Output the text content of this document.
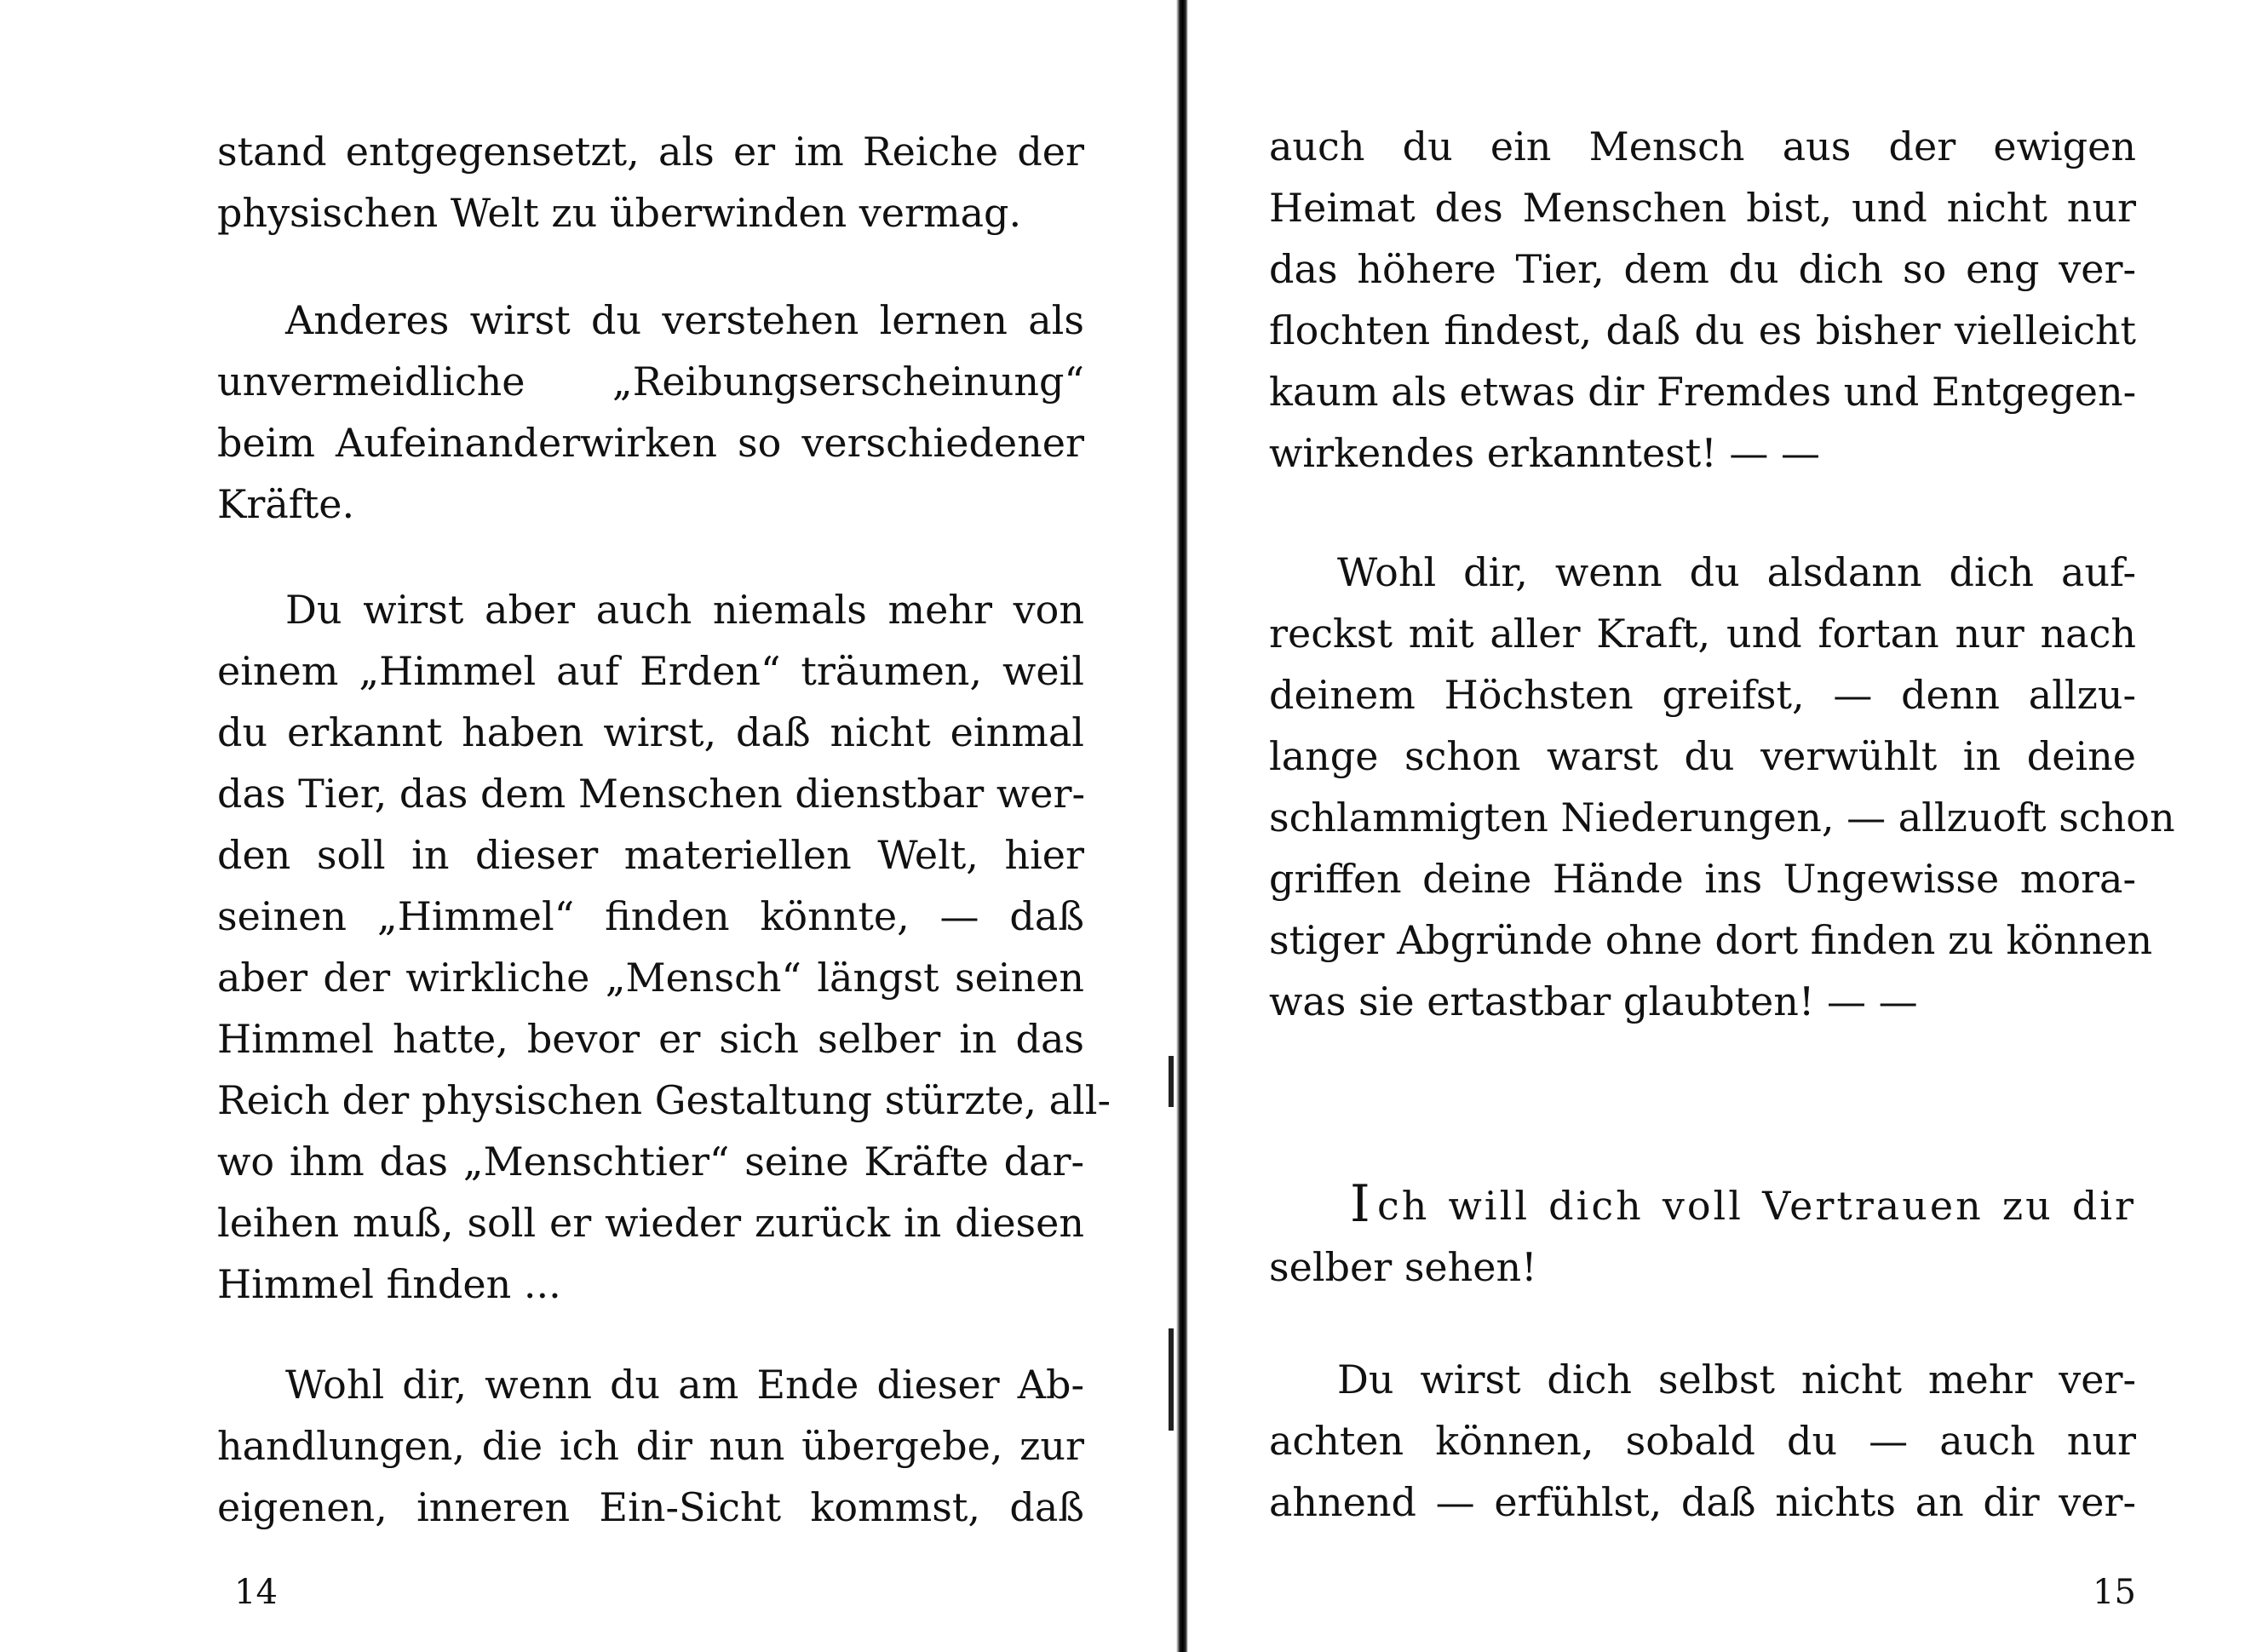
stand entgegensetzt, als er im Reiche der
physischen Welt zu überwinden vermag.
Anderes wirst du verstehen lernen als
unvermeidliche „Reibungserscheinung“
beim Aufeinanderwirken so verschiedener
Kräfte.
Du wirst aber auch niemals mehr von
einem „Himmel auf Erden“ träumen, weil
du erkannt haben wirst, daß nicht einmal
das Tier, das dem Menschen dienstbar wer-
den soll in dieser materiellen Welt, hier
seinen „Himmel“ finden könnte, — daß
aber der wirkliche „Mensch“ längst seinen
Himmel hatte, bevor er sich selber in das
Reich der physischen Gestaltung stürzte, all-
wo ihm das „Menschtier“ seine Kräfte dar-
leihen muß, soll er wieder zurück in diesen
Himmel finden ...
Wohl dir, wenn du am Ende dieser Ab-
handlungen, die ich dir nun übergebe, zur
eigenen, inneren Ein-Sicht kommst, daß
14
auch du ein Mensch aus der ewigen
Heimat des Menschen bist, und nicht nur
das höhere Tier, dem du dich so eng ver-
flochten findest, daß du es bisher vielleicht
kaum als etwas dir Fremdes und Entgegen-
wirkendes erkanntest! — —
Wohl dir, wenn du alsdann dich auf-
reckst mit aller Kraft, und fortan nur nach
deinem Höchsten greifst, — denn allzu-
lange schon warst du verwühlt in deine
schlammigten Niederungen, — allzuoft schon
griffen deine Hände ins Ungewisse mora-
stiger Abgründe ohne dort finden zu können
was sie ertastbar glaubten! — —
I ch will dich voll Vertrauen zu dir
selber sehen!
Du wirst dich selbst nicht mehr ver-
achten können, sobald du — auch nur
ahnend — erfühlst, daß nichts an dir ver-
15
